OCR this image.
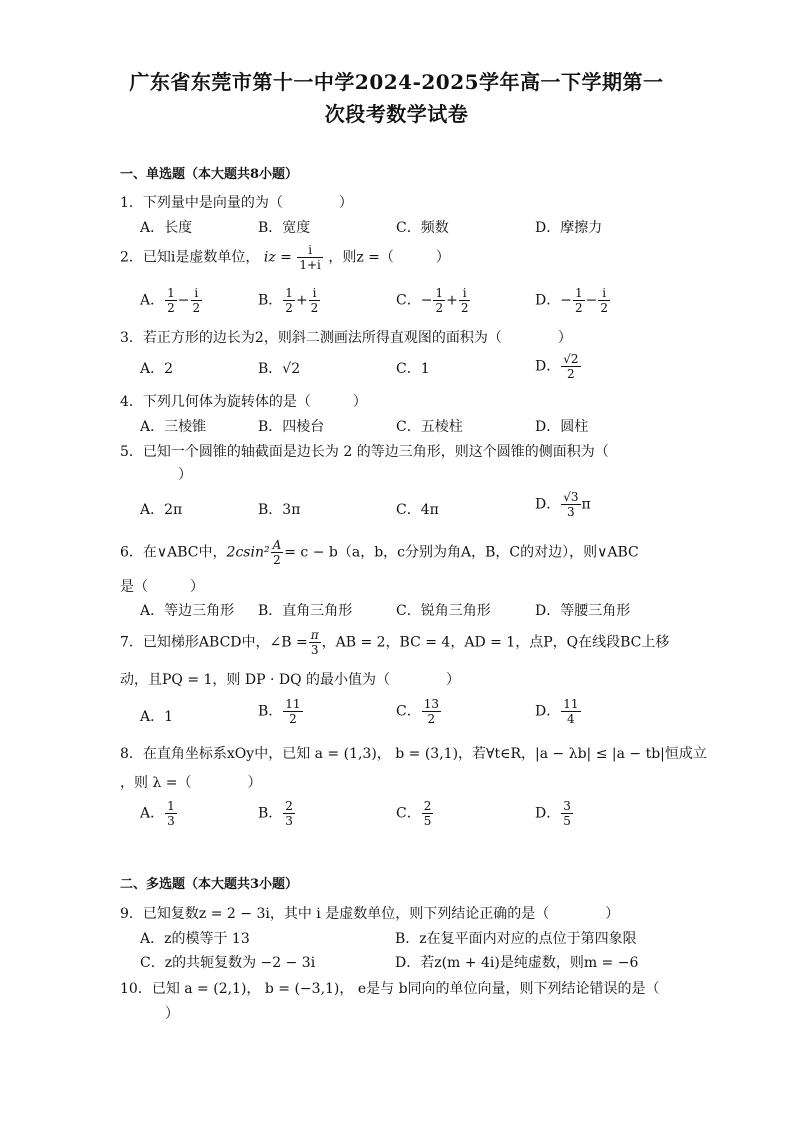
广东省东莞市第十一中学2024-2025学年高一下学期第一
次段考数学试卷
一、单选题（本大题共8小题）
1．下列量中是向量的为（　　　　）
A．长度	B．宽度	C．频数	D．摩擦力
2．已知i是虚数单位， iz = $\frac{i}{1+i}$ ，则z =（　　　）
A． $\frac{1}{2} - \frac{i}{2}$	B． $\frac{1}{2} + \frac{i}{2}$	C．− $\frac{1}{2} + \frac{i}{2}$	D．− $\frac{1}{2} - \frac{i}{2}$
3．若正方形的边长为2，则斜二测画法所得直观图的面积为（　　　　）
A．2	B．√2	C．1	D． $\frac{√2}{2}$
4．下列几何体为旋转体的是（　　　）
A．三棱锥	B．四棱台	C．五棱柱	D．圆柱
5．已知一个圆锥的轴截面是边长为 2 的等边三角形，则这个圆锥的侧面积为（
）
A．2π	B．3π	C．4π	D． $\frac{√3}{3}$ π
6．在∨ABC中，$2csin^2 \frac{A}{2} = c - b(a$，b，c分别为角A，B，C的对边），则∨ABC
是（　　　）
A．等边三角形 B．直角三角形	C．锐角三角形	D．等腰三角形
7．已知梯形ABCD中，∠B = $\frac{\pi}{3}$ ，AB = 2，BC = 4，AD = 1，点P，Q在线段BC上移
动，且PQ = 1，则 DP · DQ 的最小值为（　　　　）
A．1	B． $\frac{11}{2}$	C． $\frac{13}{2}$	D． $\frac{11}{4}$
8．在直角坐标系xOy中，已知 a = (1,3)， b = (3,1)，若∀t∈R，|a − λb| ≤ |a − tb|恒成立
，则 λ =（　　　　）
A． $\frac{1}{3}$	B． $\frac{2}{3}$	C． $\frac{2}{5}$	D． $\frac{3}{5}$
二、多选题（本大题共3小题）
9．已知复数z = 2 − 3i，其中 i 是虚数单位，则下列结论正确的是（　　　　）
A．z的模等于 13	B．z在复平面内对应的点位于第四象限
C．z的共轭复数为 −2 − 3i	D．若z(m + 4i)是纯虚数，则m = −6
10．已知 a = (2,1)， b = (−3,1)， e是与 b同向的单位向量，则下列结论错误的是（
）
